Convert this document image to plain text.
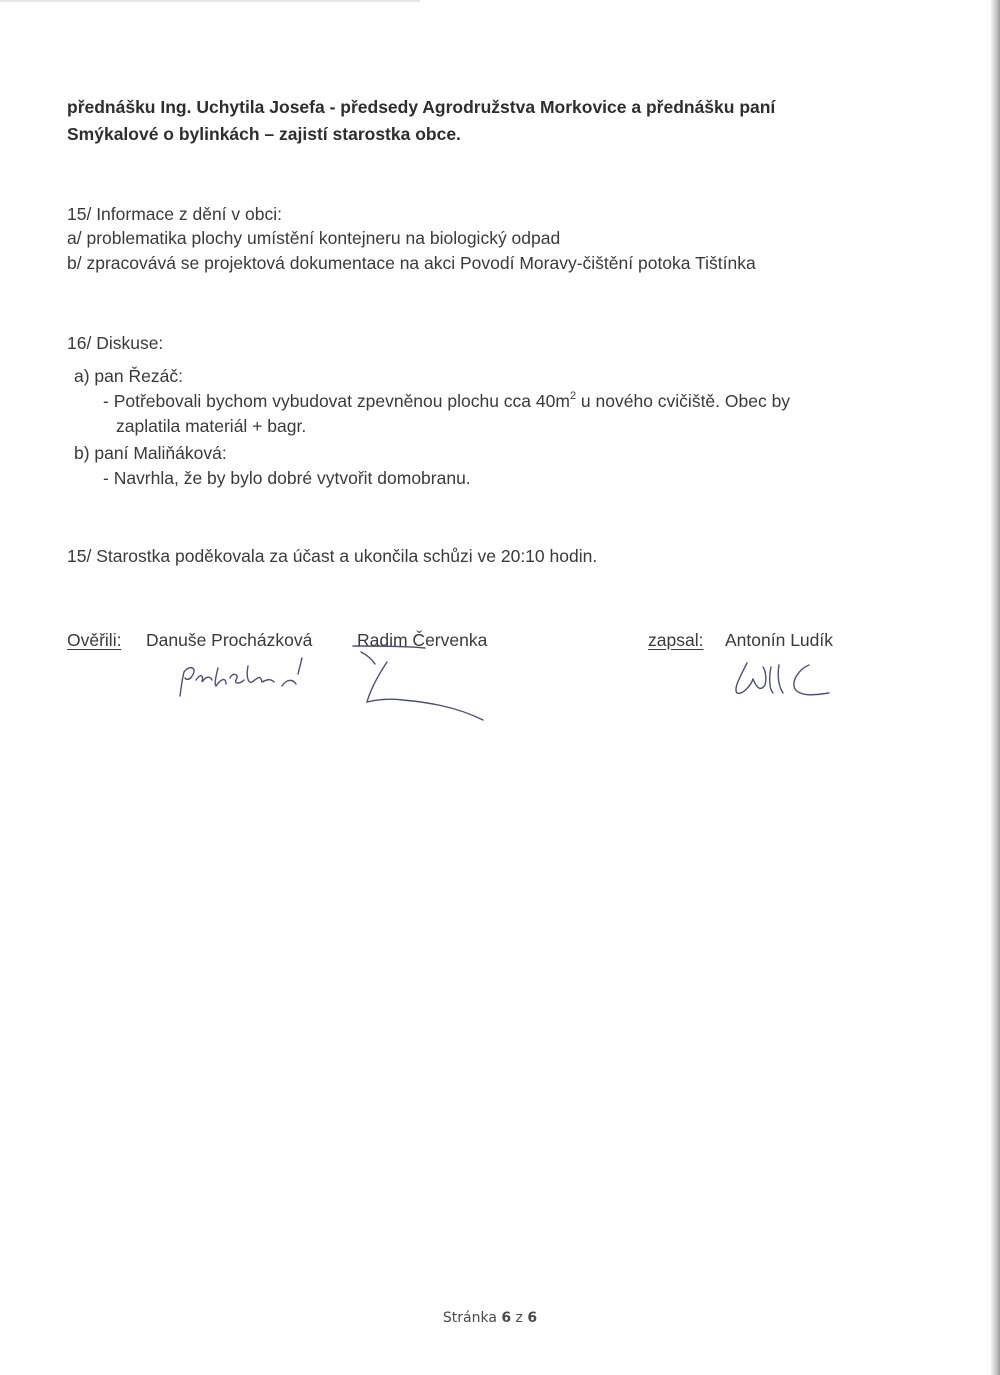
přednášku Ing. Uchytila Josefa - předsedy Agrodružstva Morkovice a přednášku paní
Smýkalové o bylinkách – zajistí starostka obce.
15/ Informace z dění v obci:
a/ problematika plochy umístění kontejneru na biologický odpad
b/ zpracovává se projektová dokumentace na akci Povodí Moravy-čištění potoka Tištínka
16/ Diskuse:
a) pan Řezáč:
- Potřebovali bychom vybudovat zpevněnou plochu cca $40m^2$ u nového cvičiště. Obec by
zaplatila materiál + bagr.
b) paní Maliňáková:
- Navrhla, že by bylo dobré vytvořit domobranu.
15/ Starostka poděkovala za účast a ukončila schůzi ve 20:10 hodin.
Ověřili: Danuše Procházková	Radim Červenka	zapsal: Antonín Ludík
Stránka 6 z 6
